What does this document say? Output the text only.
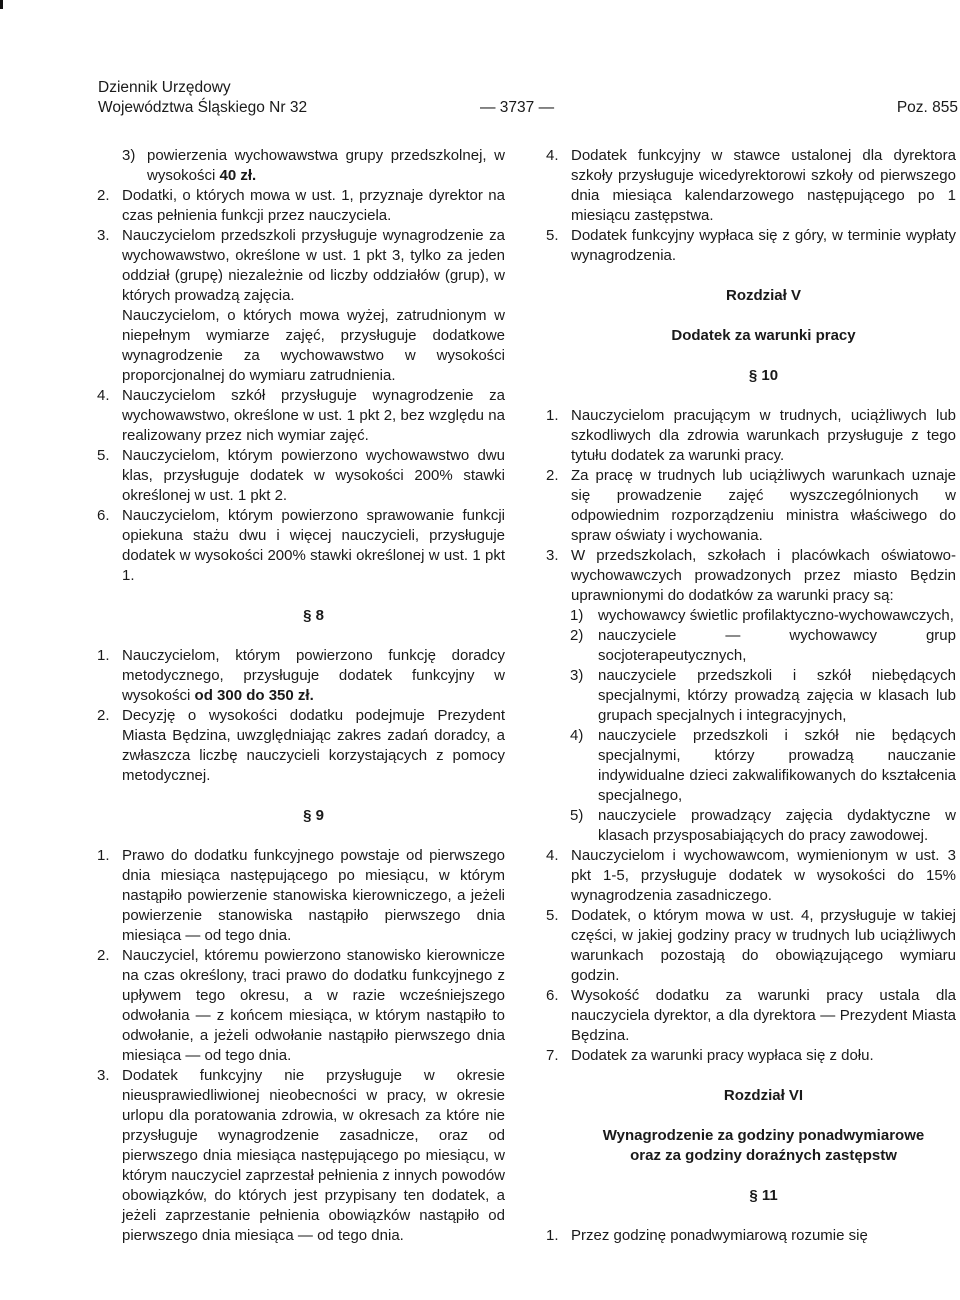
Dziennik Urzędowy
Województwa Śląskiego Nr 32	— 3737 —	Poz. 855
3) powierzenia wychowawstwa grupy przedszkolnej, w wysokości 40 zł.
2. Dodatki, o których mowa w ust. 1, przyznaje dyrektor na czas pełnienia funkcji przez nauczyciela.
3. Nauczycielom przedszkoli przysługuje wynagrodzenie za wychowawstwo, określone w ust. 1 pkt 3, tylko za jeden oddział (grupę) niezależnie od liczby oddziałów (grup), w których prowadzą zajęcia.
Nauczycielom, o których mowa wyżej, zatrudnionym w niepełnym wymiarze zajęć, przysługuje dodatkowe wynagrodzenie za wychowawstwo w wysokości proporcjonalnej do wymiaru zatrudnienia.
4. Nauczycielom szkół przysługuje wynagrodzenie za wychowawstwo, określone w ust. 1 pkt 2, bez względu na realizowany przez nich wymiar zajęć.
5. Nauczycielom, którym powierzono wychowawstwo dwu klas, przysługuje dodatek w wysokości 200% stawki określonej w ust. 1 pkt 2.
6. Nauczycielom, którym powierzono sprawowanie funkcji opiekuna stażu dwu i więcej nauczycieli, przysługuje dodatek w wysokości 200% stawki określonej w ust. 1 pkt 1.
§ 8
1. Nauczycielom, którym powierzono funkcję doradcy metodycznego, przysługuje dodatek funkcyjny w wysokości od 300 do 350 zł.
2. Decyzję o wysokości dodatku podejmuje Prezydent Miasta Będzina, uwzględniając zakres zadań doradcy, a zwłaszcza liczbę nauczycieli korzystających z pomocy metodycznej.
§ 9
1. Prawo do dodatku funkcyjnego powstaje od pierwszego dnia miesiąca następującego po miesiącu, w którym nastąpiło powierzenie stanowiska kierowniczego, a jeżeli powierzenie stanowiska nastąpiło pierwszego dnia miesiąca — od tego dnia.
2. Nauczyciel, któremu powierzono stanowisko kierownicze na czas określony, traci prawo do dodatku funkcyjnego z upływem tego okresu, a w razie wcześniejszego odwołania — z końcem miesiąca, w którym nastąpiło to odwołanie, a jeżeli odwołanie nastąpiło pierwszego dnia miesiąca — od tego dnia.
3. Dodatek funkcyjny nie przysługuje w okresie nieusprawiedliwionej nieobecności w pracy, w okresie urlopu dla poratowania zdrowia, w okresach za które nie przysługuje wynagrodzenie zasadnicze, oraz od pierwszego dnia miesiąca następującego po miesiącu, w którym nauczyciel zaprzestał pełnienia z innych powodów obowiązków, do których jest przypisany ten dodatek, a jeżeli zaprzestanie pełnienia obowiązków nastąpiło od pierwszego dnia miesiąca — od tego dnia.
4. Dodatek funkcyjny w stawce ustalonej dla dyrektora szkoły przysługuje wicedyrektorowi szkoły od pierwszego dnia miesiąca kalendarzowego następującego po 1 miesiącu zastępstwa.
5. Dodatek funkcyjny wypłaca się z góry, w terminie wypłaty wynagrodzenia.
Rozdział V
Dodatek za warunki pracy
§ 10
1. Nauczycielom pracującym w trudnych, uciążliwych lub szkodliwych dla zdrowia warunkach przysługuje z tego tytułu dodatek za warunki pracy.
2. Za pracę w trudnych lub uciążliwych warunkach uznaje się prowadzenie zajęć wyszczególnionych w odpowiednim rozporządzeniu ministra właściwego do spraw oświaty i wychowania.
3. W przedszkolach, szkołach i placówkach oświatowo-wychowawczych prowadzonych przez miasto Będzin uprawnionymi do dodatków za warunki pracy są:
1) wychowawcy świetlic profilaktyczno-wychowawczych,
2) nauczyciele — wychowawcy grup socjoterapeutycznych,
3) nauczyciele przedszkoli i szkół niebędących specjalnymi, którzy prowadzą zajęcia w klasach lub grupach specjalnych i integracyjnych,
4) nauczyciele przedszkoli i szkół nie będących specjalnymi, którzy prowadzą nauczanie indywidualne dzieci zakwalifikowanych do kształcenia specjalnego,
5) nauczyciele prowadzący zajęcia dydaktyczne w klasach przysposabiających do pracy zawodowej.
4. Nauczycielom i wychowawcom, wymienionym w ust. 3 pkt 1-5, przysługuje dodatek w wysokości do 15% wynagrodzenia zasadniczego.
5. Dodatek, o którym mowa w ust. 4, przysługuje w takiej części, w jakiej godziny pracy w trudnych lub uciążliwych warunkach pozostają do obowiązującego wymiaru godzin.
6. Wysokość dodatku za warunki pracy ustala dla nauczyciela dyrektor, a dla dyrektora — Prezydent Miasta Będzina.
7. Dodatek za warunki pracy wypłaca się z dołu.
Rozdział VI
Wynagrodzenie za godziny ponadwymiarowe
oraz za godziny doraźnych zastępstw
§ 11
1. Przez godzinę ponadwymiarową rozumie się
